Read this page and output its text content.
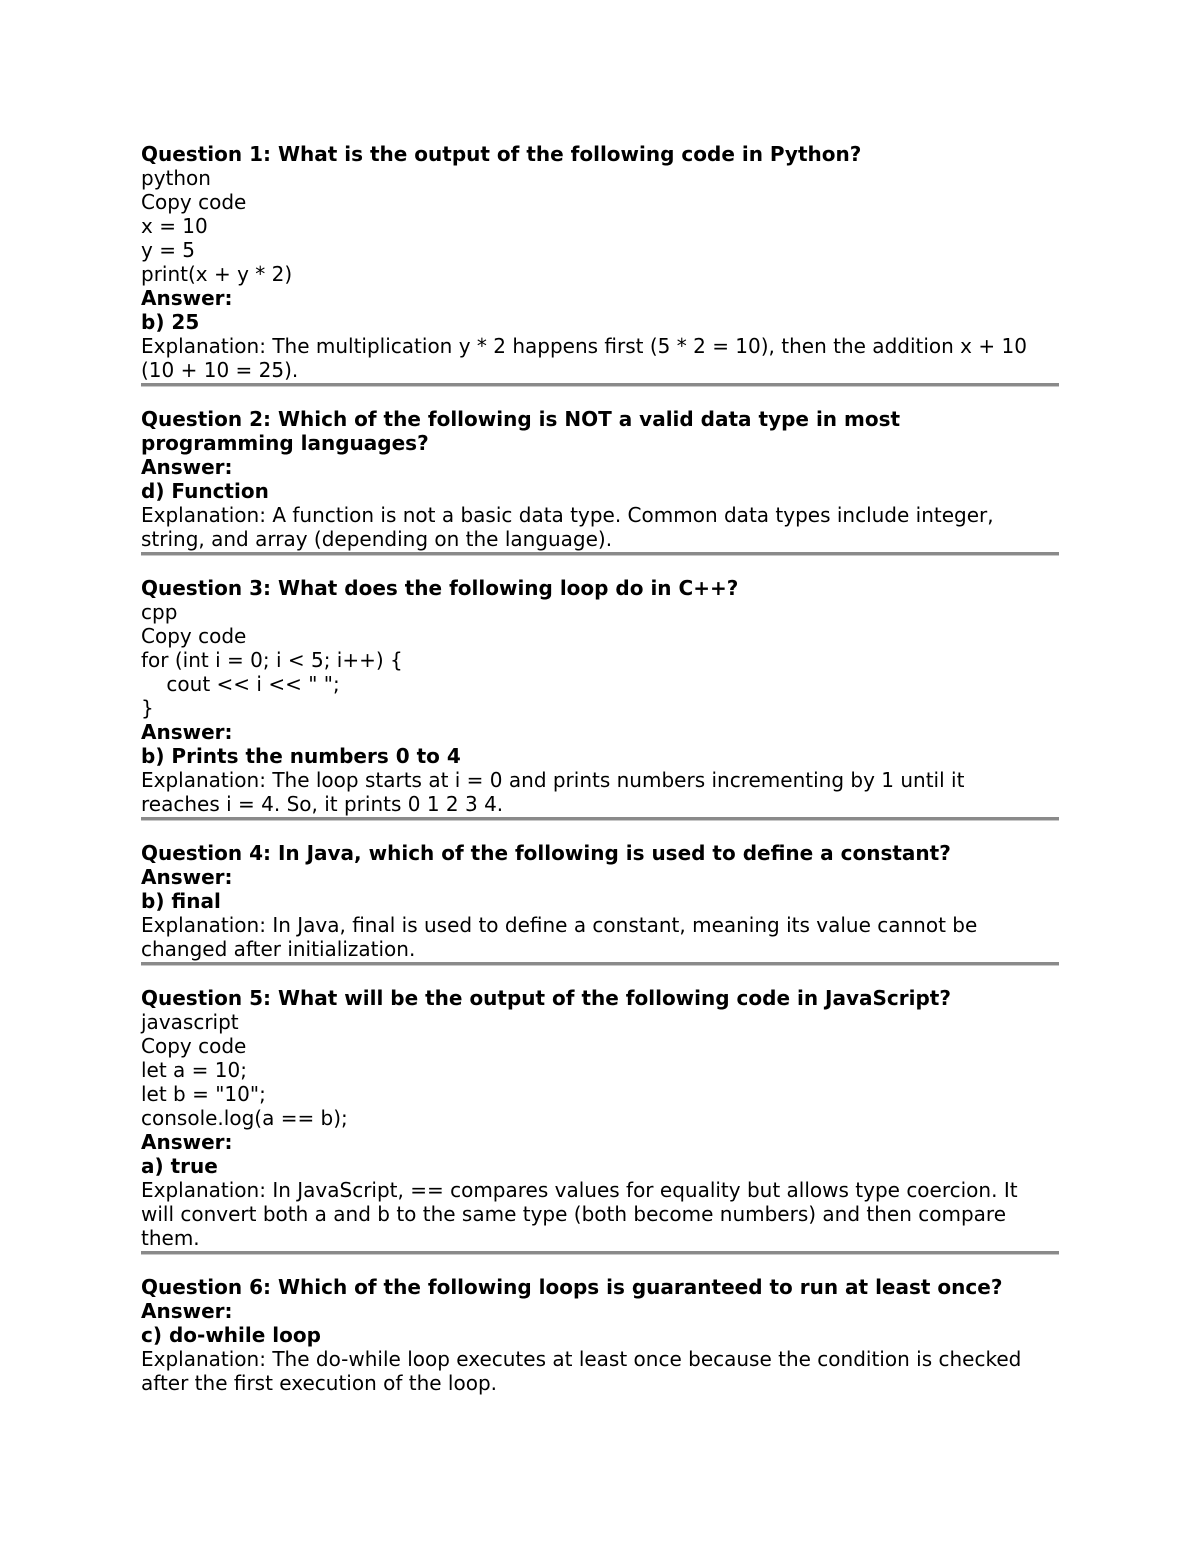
Question 1: What is the output of the following code in Python?
python
Copy code
x = 10
y = 5
print(x + y * 2)
Answer:
b) 25
Explanation: The multiplication y * 2 happens first (5 * 2 = 10), then the addition x + 10 (10 + 10 = 25).
Question 2: Which of the following is NOT a valid data type in most programming languages?
Answer:
d) Function
Explanation: A function is not a basic data type. Common data types include integer, string, and array (depending on the language).
Question 3: What does the following loop do in C++?
cpp
Copy code
for (int i = 0; i < 5; i++) {
cout << i << " ";
}
Answer:
b) Prints the numbers 0 to 4
Explanation: The loop starts at i = 0 and prints numbers incrementing by 1 until it reaches i = 4. So, it prints 0 1 2 3 4.
Question 4: In Java, which of the following is used to define a constant?
Answer:
b) final
Explanation: In Java, final is used to define a constant, meaning its value cannot be changed after initialization.
Question 5: What will be the output of the following code in JavaScript?
javascript
Copy code
let a = 10;
let b = "10";
console.log(a == b);
Answer:
a) true
Explanation: In JavaScript, == compares values for equality but allows type coercion. It will convert both a and b to the same type (both become numbers) and then compare them.
Question 6: Which of the following loops is guaranteed to run at least once?
Answer:
c) do-while loop
Explanation: The do-while loop executes at least once because the condition is checked after the first execution of the loop.
